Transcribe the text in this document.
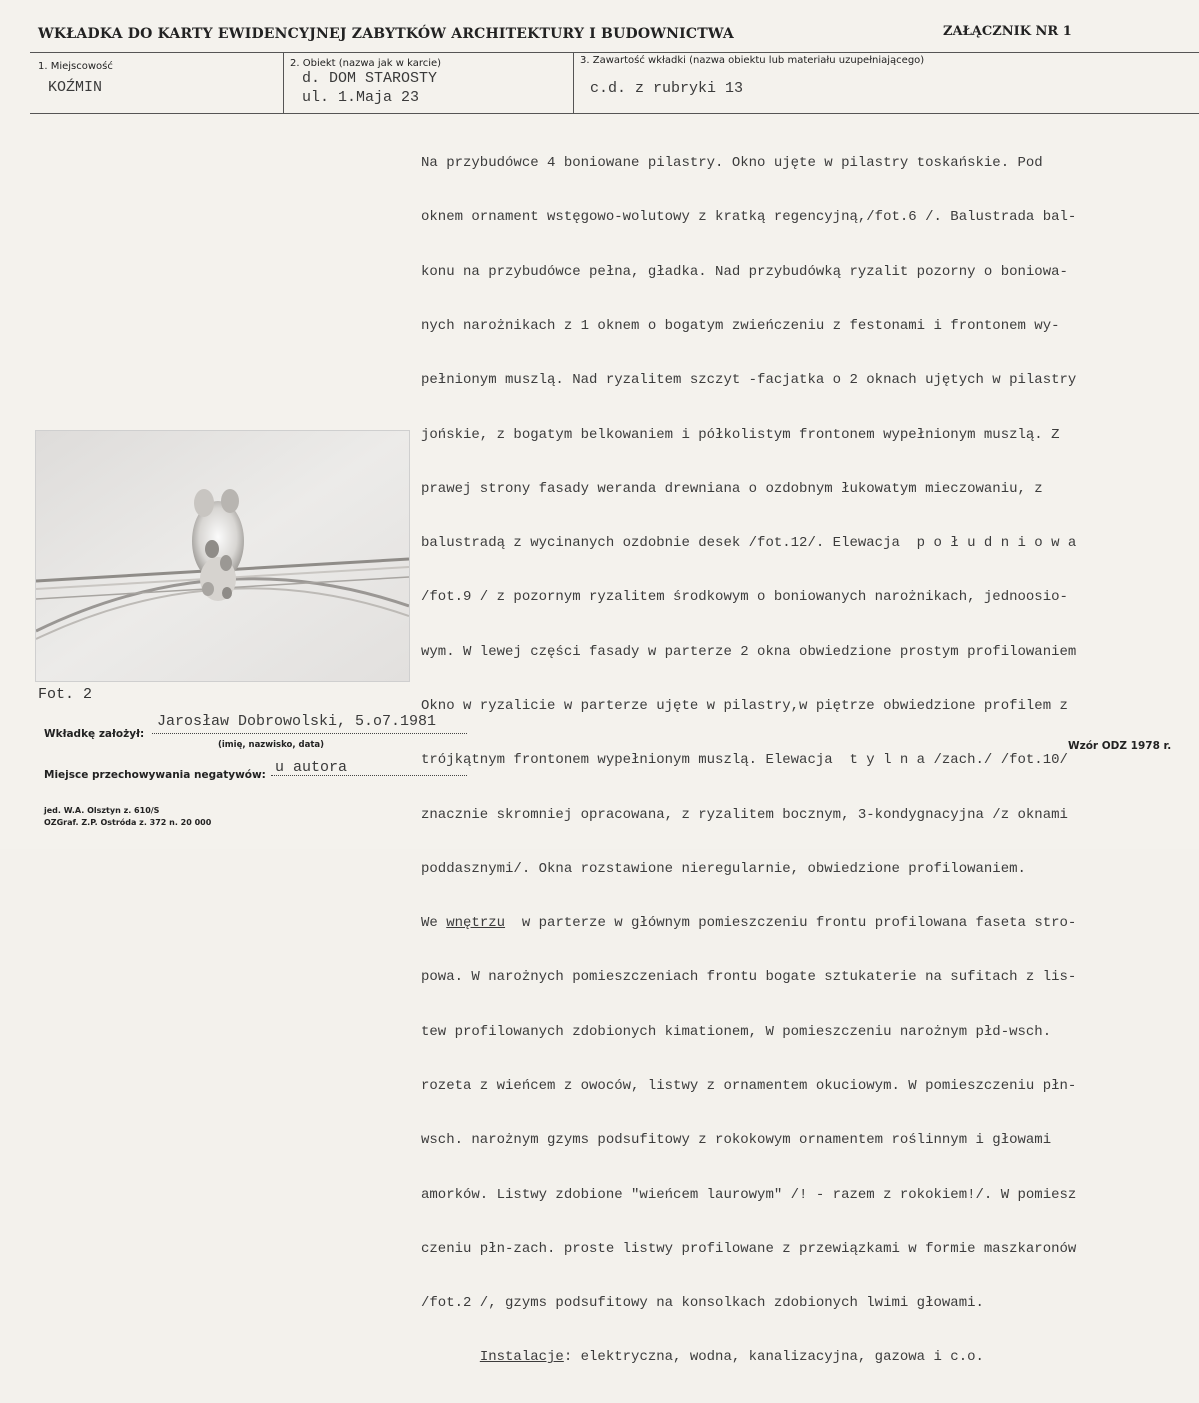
WKŁADKA DO KARTY EWIDENCYJNEJ ZABYTKÓW ARCHITEKTURY I BUDOWNICTWA	ZAŁĄCZNIK NR 1
1. Miejscowość
KOŹMIN
2. Obiekt (nazwa jak w karcie)
d. DOM STAROSTY
ul. 1.Maja 23
3. Zawartość wkładki (nazwa obiektu lub materiału uzupełniającego)
c.d. z rubryki 13

Na przybudówce 4 boniowane pilastry. Okno ujęte w pilastry toskańskie. Pod

oknem ornament wstęgowo-wolutowy z kratką regencyjną,/fot.6 /. Balustrada bal-

konu na przybudówce pełna, gładka. Nad przybudówką ryzalit pozorny o boniowa-

nych narożnikach z 1 oknem o bogatym zwieńczeniu z festonami i frontonem wy-

pełnionym muszlą. Nad ryzalitem szczyt -facjatka o 2 oknach ujętych w pilastry

jońskie, z bogatym belkowaniem i półkolistym frontonem wypełnionym muszlą. Z

prawej strony fasady weranda drewniana o ozdobnym łukowatym mieczowaniu, z

balustradą z wycinanych ozdobnie desek /fot.12/. Elewacja  p o ł u d n i o w a

/fot.9 / z pozornym ryzalitem środkowym o boniowanych narożnikach, jednoosio-

wym. W lewej części fasady w parterze 2 okna obwiedzione prostym profilowaniem

Okno w ryzalicie w parterze ujęte w pilastry,w piętrze obwiedzione profilem z

trójkątnym frontonem wypełnionym muszlą. Elewacja  t y l n a /zach./ /fot.10/

znacznie skromniej opracowana, z ryzalitem bocznym, 3-kondygnacyjna /z oknami

poddasznymi/. Okna rozstawione nieregularnie, obwiedzione profilowaniem.

We wnętrzu  w parterze w głównym pomieszczeniu frontu profilowana faseta stro-

powa. W narożnych pomieszczeniach frontu bogate sztukaterie na sufitach z lis-

tew profilowanych zdobionych kimationem, W pomieszczeniu narożnym płd-wsch.

rozeta z wieńcem z owoców, listwy z ornamentem okuciowym. W pomieszczeniu płn-

wsch. narożnym gzyms podsufitowy z rokokowym ornamentem roślinnym i głowami

amorków. Listwy zdobione "wieńcem laurowym" /! - razem z rokokiem!/. W pomiesz

czeniu płn-zach. proste listwy profilowane z przewiązkami w formie maszkaronów

/fot.2 /, gzyms podsufitowy na konsolkach zdobionych lwimi głowami.

Instalacje: elektryczna, wodna, kanalizacyjna, gazowa i c.o.

Fot. 2
Wkładkę założył:
Jarosław Dobrowolski, 5.o7.1981
(imię, nazwisko, data)
Miejsce przechowywania negatywów: u autora
Wzór ODZ 1978 r.
jed. W.A. Olsztyn z. 610/S
OZGraf. Z.P. Ostróda z. 372 n. 20 000
